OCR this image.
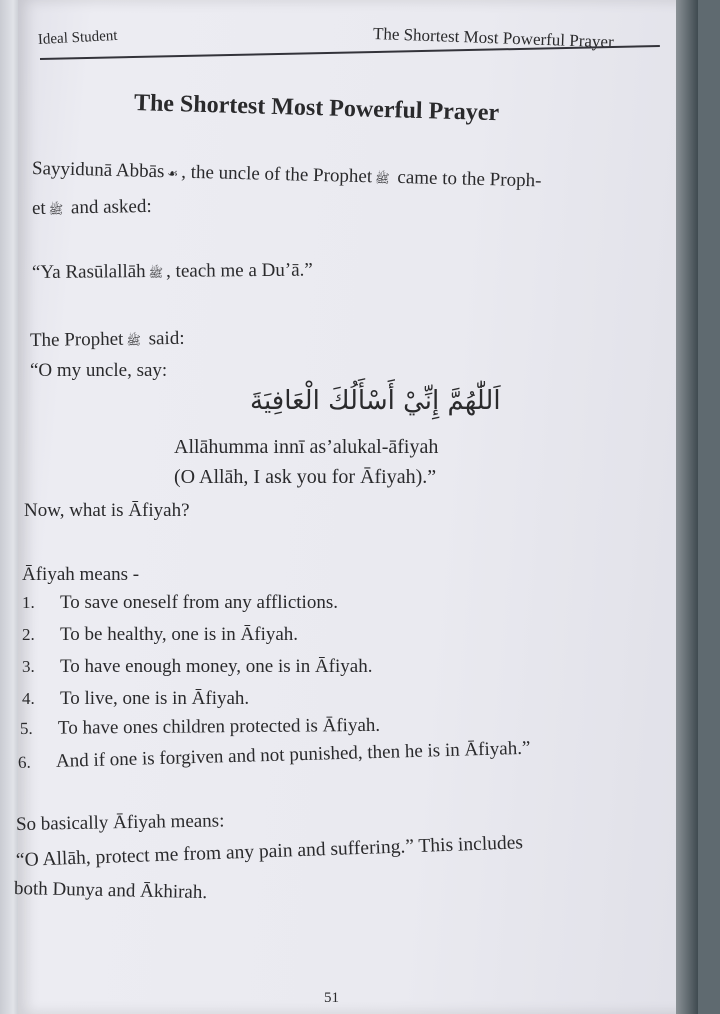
Ideal Student	The Shortest Most Powerful Prayer
The Shortest Most Powerful Prayer
Sayyidunā Abbās ☙ , the uncle of the Prophet ﷺ came to the Proph-
et ﷺ and asked:
“Ya Rasūlallāh ﷺ , teach me a Du’ā.”
The Prophet ﷺ said:
“O my uncle, say:
اَللّٰهُمَّ إِنِّيْ أَسْأَلُكَ الْعَافِيَةَ
Allāhumma innī as’alukal-āfiyah
(O Allāh, I ask you for Āfiyah).”
Now, what is Āfiyah?
Āfiyah means -
1. To save oneself from any afflictions.
2. To be healthy, one is in Āfiyah.
3. To have enough money, one is in Āfiyah.
4. To live, one is in Āfiyah.
5. To have ones children protected is Āfiyah.
6. And if one is forgiven and not punished, then he is in Āfiyah.”
So basically Āfiyah means:
“O Allāh, protect me from any pain and suffering.” This includes
both Dunya and Ākhirah.
51
